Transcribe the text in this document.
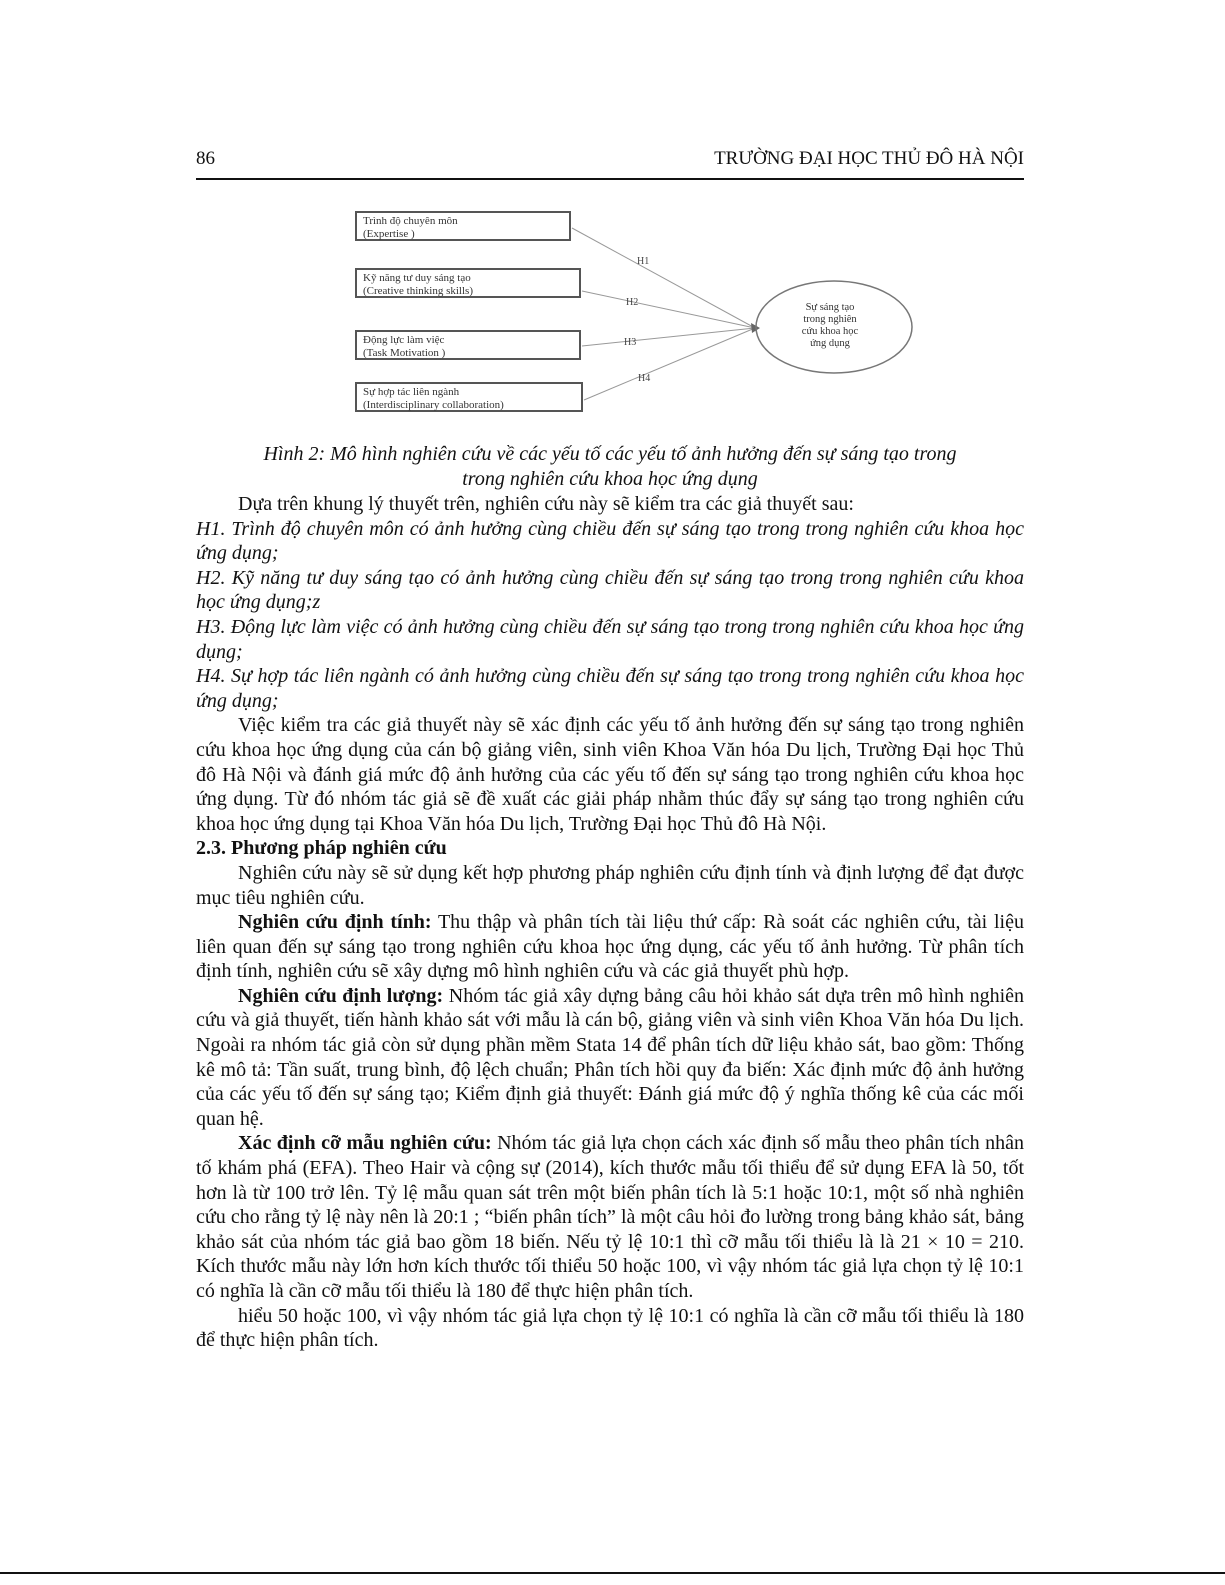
86	TRƯỜNG ĐẠI HỌC THỦ ĐÔ HÀ NỘI
Trình độ chuyên môn
(Expertise )
Kỹ năng tư duy sáng tạo
(Creative thinking skills)
Động lực làm việc
(Task Motivation )
Sự hợp tác liên ngành
(Interdisciplinary collaboration)
H1
H2
H3
H4
Sự sáng tạo
trong nghiên
cứu khoa học
ứng dụng
Hình 2: Mô hình nghiên cứu về các yếu tố các yếu tố ảnh hưởng đến sự sáng tạo trong
trong nghiên cứu khoa học ứng dụng

Dựa trên khung lý thuyết trên, nghiên cứu này sẽ kiểm tra các giả thuyết sau:

H1. Trình độ chuyên môn có ảnh hưởng cùng chiều đến sự sáng tạo trong trong nghiên cứu khoa học ứng dụng;

H2. Kỹ năng tư duy sáng tạo có ảnh hưởng cùng chiều đến sự sáng tạo trong trong nghiên cứu khoa học ứng dụng;z

H3. Động lực làm việc có ảnh hưởng cùng chiều đến sự sáng tạo trong trong nghiên cứu khoa học ứng dụng;

H4. Sự hợp tác liên ngành có ảnh hưởng cùng chiều đến sự sáng tạo trong trong nghiên cứu khoa học ứng dụng;

Việc kiểm tra các giả thuyết này sẽ xác định các yếu tố ảnh hưởng đến sự sáng tạo trong nghiên cứu khoa học ứng dụng của cán bộ giảng viên, sinh viên Khoa Văn hóa Du lịch, Trường Đại học Thủ đô Hà Nội và đánh giá mức độ ảnh hưởng của các yếu tố đến sự sáng tạo trong nghiên cứu khoa học ứng dụng. Từ đó nhóm tác giả sẽ đề xuất các giải pháp nhằm thúc đẩy sự sáng tạo trong nghiên cứu khoa học ứng dụng tại Khoa Văn hóa Du lịch, Trường Đại học Thủ đô Hà Nội.

2.3. Phương pháp nghiên cứu

Nghiên cứu này sẽ sử dụng kết hợp phương pháp nghiên cứu định tính và định lượng để đạt được mục tiêu nghiên cứu.

Nghiên cứu định tính: Thu thập và phân tích tài liệu thứ cấp: Rà soát các nghiên cứu, tài liệu liên quan đến sự sáng tạo trong nghiên cứu khoa học ứng dụng, các yếu tố ảnh hưởng. Từ phân tích định tính, nghiên cứu sẽ xây dựng mô hình nghiên cứu và các giả thuyết phù hợp.

Nghiên cứu định lượng: Nhóm tác giả xây dựng bảng câu hỏi khảo sát dựa trên mô hình nghiên cứu và giả thuyết, tiến hành khảo sát với mẫu là cán bộ, giảng viên và sinh viên Khoa Văn hóa Du lịch. Ngoài ra nhóm tác giả còn sử dụng phần mềm Stata 14 để phân tích dữ liệu khảo sát, bao gồm: Thống kê mô tả: Tần suất, trung bình, độ lệch chuẩn; Phân tích hồi quy đa biến: Xác định mức độ ảnh hưởng của các yếu tố đến sự sáng tạo; Kiểm định giả thuyết: Đánh giá mức độ ý nghĩa thống kê của các mối quan hệ.

Xác định cỡ mẫu nghiên cứu: Nhóm tác giả lựa chọn cách xác định số mẫu theo phân tích nhân tố khám phá (EFA). Theo Hair và cộng sự (2014), kích thước mẫu tối thiểu để sử dụng EFA là 50, tốt hơn là từ 100 trở lên. Tỷ lệ mẫu quan sát trên một biến phân tích là 5:1 hoặc 10:1, một số nhà nghiên cứu cho rằng tỷ lệ này nên là 20:1 ; “biến phân tích” là một câu hỏi đo lường trong bảng khảo sát, bảng khảo sát của nhóm tác giả bao gồm 18 biến. Nếu tỷ lệ 10:1 thì cỡ mẫu tối thiểu là là 21 × 10 = 210. Kích thước mẫu này lớn hơn kích thước tối thiểu 50 hoặc 100, vì vậy nhóm tác giả lựa chọn tỷ lệ 10:1 có nghĩa là cần cỡ mẫu tối thiểu là 180 để thực hiện phân tích.

hiểu 50 hoặc 100, vì vậy nhóm tác giả lựa chọn tỷ lệ 10:1 có nghĩa là cần cỡ mẫu tối thiểu là 180 để thực hiện phân tích.
